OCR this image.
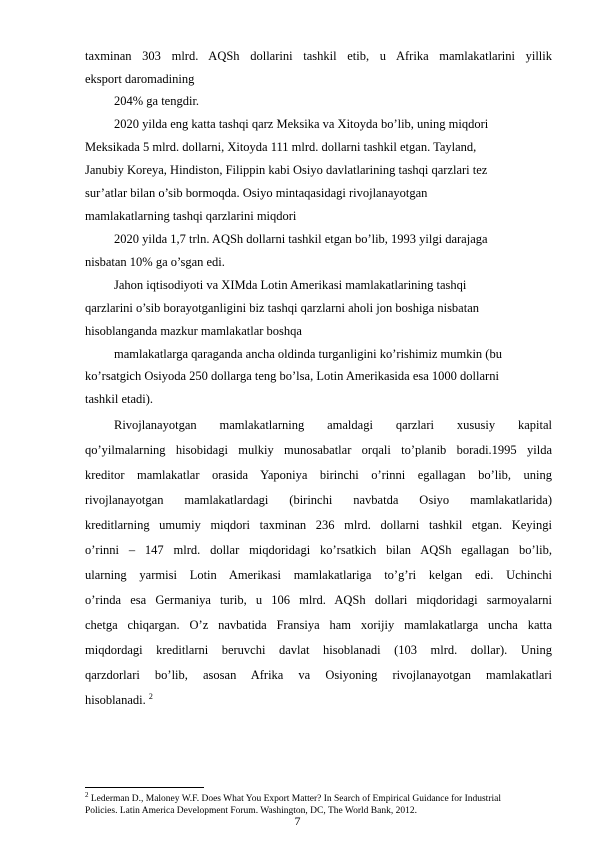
taxminan 303 mlrd. AQSh dollarini tashkil etib, u Afrika mamlakatlarini yillik
eksport daromadining
204% ga tengdir.
2020 yilda eng katta tashqi qarz Meksika va Xitoyda bo’lib, uning miqdori
Meksikada 5 mlrd. dollarni, Xitoyda 111 mlrd. dollarni tashkil etgan. Tayland,
Janubiy Koreya, Hindiston, Filippin kabi Osiyo davlatlarining tashqi qarzlari tez
sur’atlar bilan o’sib bormoqda. Osiyo mintaqasidagi rivojlanayotgan
mamlakatlarning tashqi qarzlarini miqdori
2020 yilda 1,7 trln. AQSh dollarni tashkil etgan bo’lib, 1993 yilgi darajaga
nisbatan 10% ga o’sgan edi.
Jahon iqtisodiyoti va XIMda Lotin Amerikasi mamlakatlarining tashqi
qarzlarini o’sib borayotganligini biz tashqi qarzlarni aholi jon boshiga nisbatan
hisoblanganda mazkur mamlakatlar boshqa
mamlakatlarga qaraganda ancha oldinda turganligini ko’rishimiz mumkin (bu
ko’rsatgich Osiyoda 250 dollarga teng bo’lsa, Lotin Amerikasida esa 1000 dollarni
tashkil etadi).
Rivojlanayotgan mamlakatlarning amaldagi qarzlari xususiy kapital
qo’yilmalarning hisobidagi mulkiy munosabatlar orqali to’planib boradi.1995 yilda
kreditor mamlakatlar orasida Yaponiya birinchi o’rinni egallagan bo’lib, uning
rivojlanayotgan mamlakatlardagi (birinchi navbatda Osiyo mamlakatlarida)
kreditlarning umumiy miqdori taxminan 236 mlrd. dollarni tashkil etgan. Keyingi
o’rinni – 147 mlrd. dollar miqdoridagi ko’rsatkich bilan AQSh egallagan bo’lib,
ularning yarmisi Lotin Amerikasi mamlakatlariga to’g’ri kelgan edi. Uchinchi
o’rinda esa Germaniya turib, u 106 mlrd. AQSh dollari miqdoridagi sarmoyalarni
chetga chiqargan. O’z navbatida Fransiya ham xorijiy mamlakatlarga uncha katta
miqdordagi kreditlarni beruvchi davlat hisoblanadi (103 mlrd. dollar). Uning
qarzdorlari bo’lib, asosan Afrika va Osiyoning rivojlanayotgan mamlakatlari
hisoblanadi. $^2$
$^2$ Lederman D., Maloney W.F. Does What You Export Matter? In Search of Empirical Guidance for Industrial
Policies. Latin America Development Forum. Washington, DC, The World Bank, 2012.
7
